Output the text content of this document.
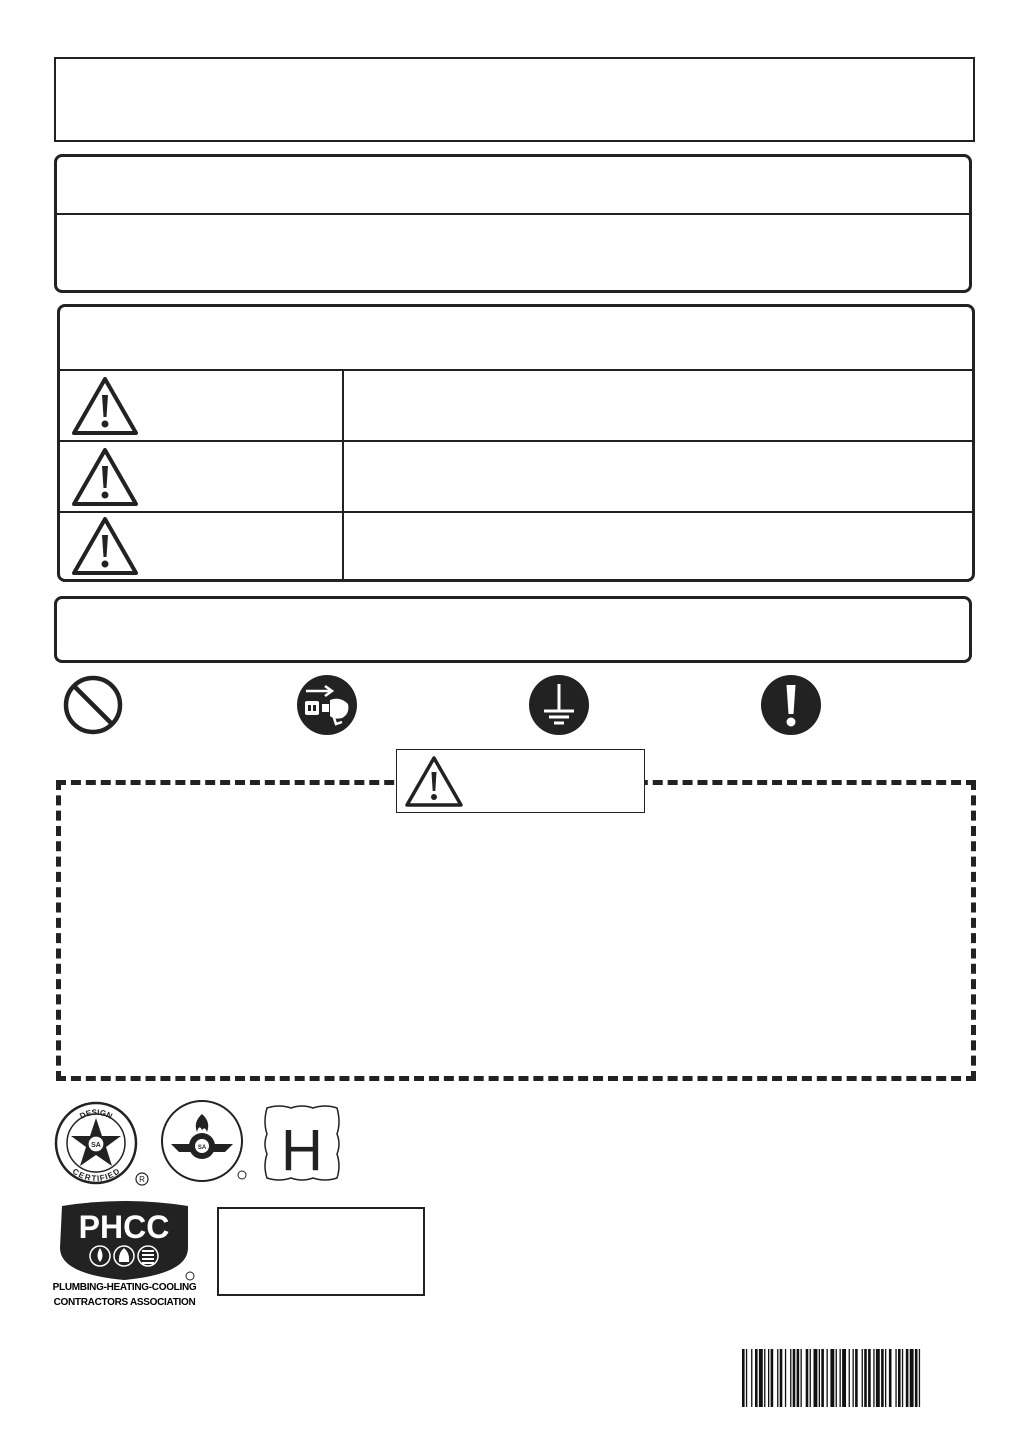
DESIGN
CERTIFIED
SA
R
SA H
PHCC
PLUMBING-HEATING-COOLING
CONTRACTORS ASSOCIATION
